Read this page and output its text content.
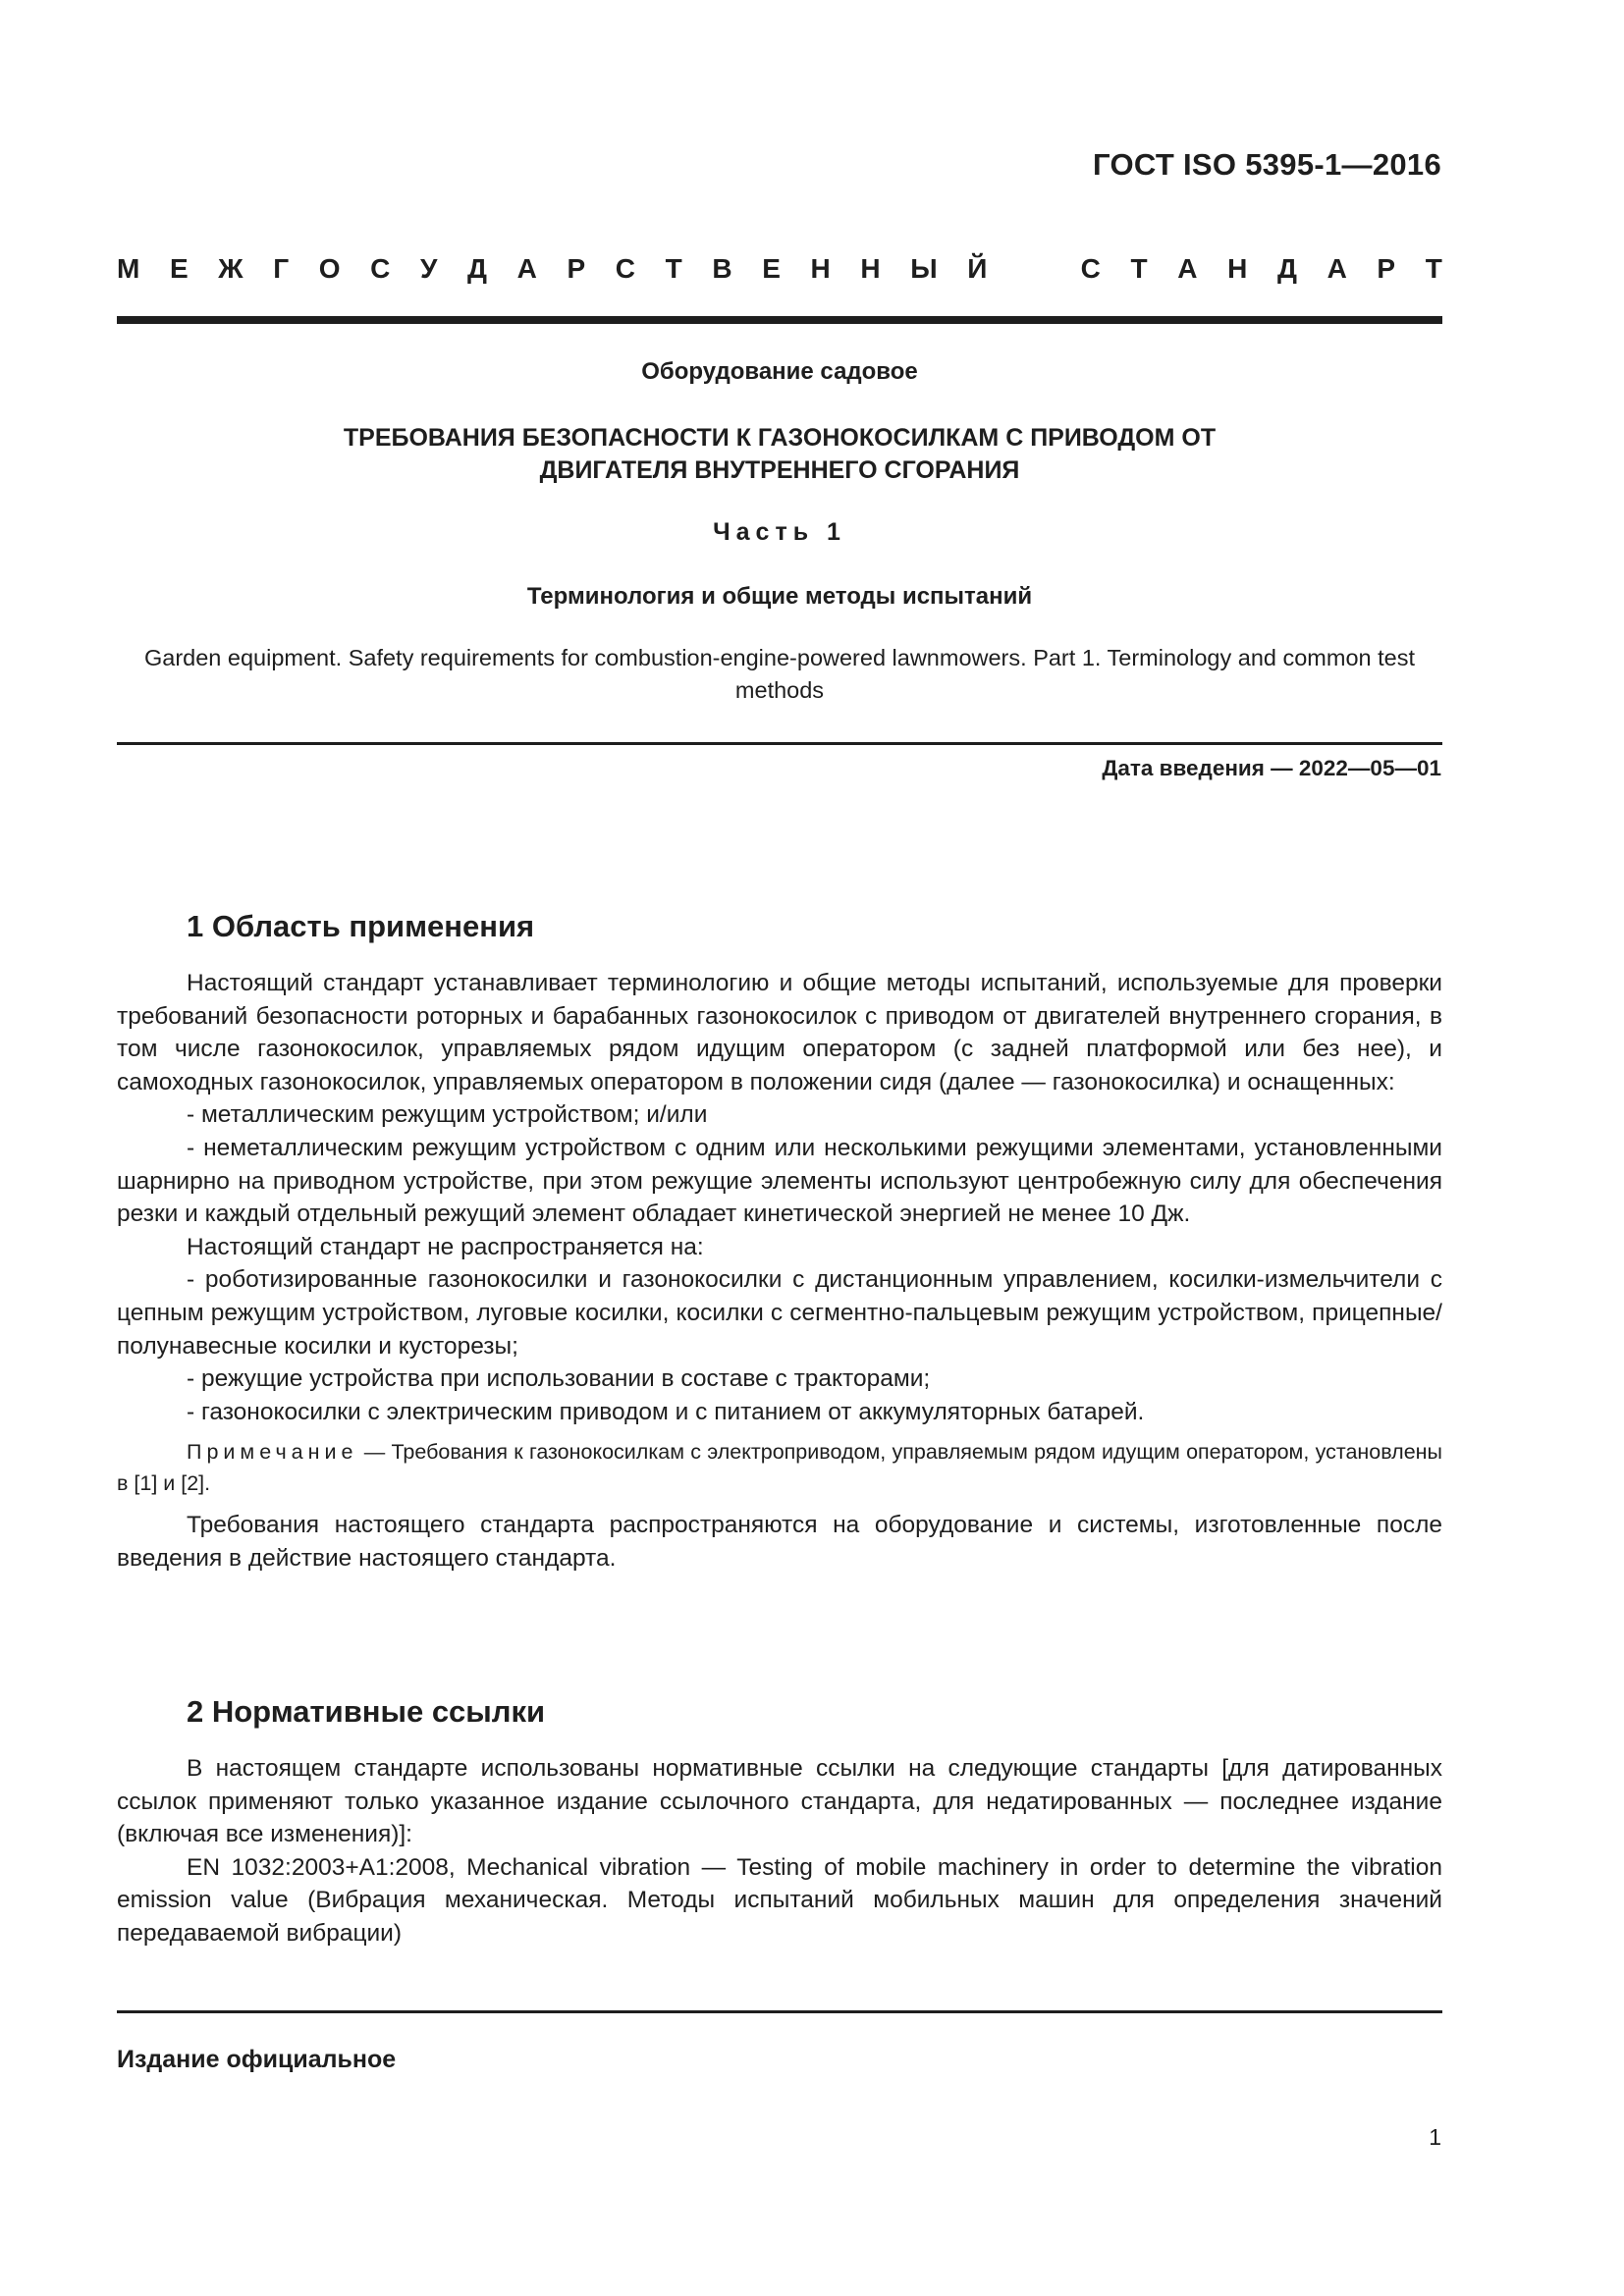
ГОСТ ISO 5395-1—2016
М Е Ж Г О С У Д А Р С Т В Е Н Н Ы Й	С Т А Н Д А Р Т
Оборудование садовое
ТРЕБОВАНИЯ БЕЗОПАСНОСТИ К ГАЗОНОКОСИЛКАМ С ПРИВОДОМ ОТ ДВИГАТЕЛЯ ВНУТРЕННЕГО СГОРАНИЯ
Часть 1
Терминология и общие методы испытаний
Garden equipment. Safety requirements for combustion-engine-powered lawnmowers. Part 1. Terminology and common test methods
Дата введения — 2022—05—01
1 Область применения

Настоящий стандарт устанавливает терминологию и общие методы испытаний, используемые для проверки требований безопасности роторных и барабанных газонокосилок с приводом от двигателей внутреннего сгорания, в том числе газонокосилок, управляемых рядом идущим оператором (с задней платформой или без нее), и самоходных газонокосилок, управляемых оператором в положении сидя (далее — газонокосилка) и оснащенных:

- металлическим режущим устройством; и/или

- неметаллическим режущим устройством с одним или несколькими режущими элементами, установленными шарнирно на приводном устройстве, при этом режущие элементы используют центробежную силу для обеспечения резки и каждый отдельный режущий элемент обладает кинетической энергией не менее 10 Дж.

Настоящий стандарт не распространяется на:

- роботизированные газонокосилки и газонокосилки с дистанционным управлением, косилки-измельчители с цепным режущим устройством, луговые косилки, косилки с сегментно-пальцевым режущим устройством, прицепные/полунавесные косилки и кусторезы;

- режущие устройства при использовании в составе с тракторами;

- газонокосилки с электрическим приводом и с питанием от аккумуляторных батарей.

Примечание — Требования к газонокосилкам с электроприводом, управляемым рядом идущим оператором, установлены в [1] и [2].

Требования настоящего стандарта распространяются на оборудование и системы, изготовленные после введения в действие настоящего стандарта.

2 Нормативные ссылки

В настоящем стандарте использованы нормативные ссылки на следующие стандарты [для датированных ссылок применяют только указанное издание ссылочного стандарта, для недатированных — последнее издание (включая все изменения)]:

EN 1032:2003+A1:2008, Mechanical vibration — Testing of mobile machinery in order to determine the vibration emission value (Вибрация механическая. Методы испытаний мобильных машин для определения значений передаваемой вибрации)

Издание официальное
1
